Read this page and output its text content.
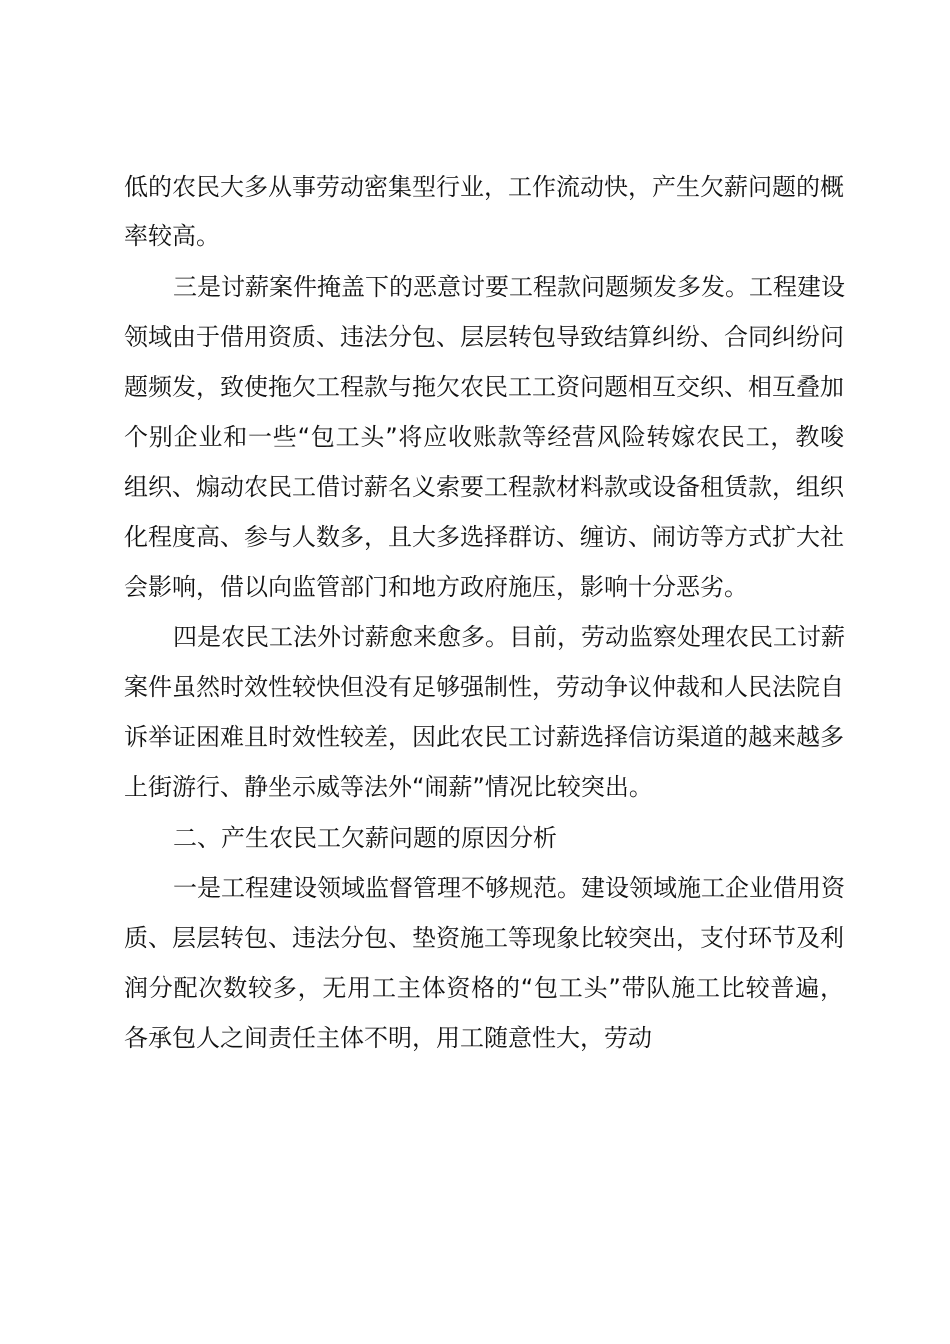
低的农民大多从事劳动密集型行业，工作流动快，产生欠薪问题的概
率较高。
三是讨薪案件掩盖下的恶意讨要工程款问题频发多发。工程建设
领域由于借用资质、违法分包、层层转包导致结算纠纷、合同纠纷问
题频发，致使拖欠工程款与拖欠农民工工资问题相互交织、相互叠加
个别企业和一些“包工头”将应收账款等经营风险转嫁农民工，教唆
组织、煽动农民工借讨薪名义索要工程款材料款或设备租赁款，组织
化程度高、参与人数多，且大多选择群访、缠访、闹访等方式扩大社
会影响，借以向监管部门和地方政府施压，影响十分恶劣。
四是农民工法外讨薪愈来愈多。目前，劳动监察处理农民工讨薪
案件虽然时效性较快但没有足够强制性，劳动争议仲裁和人民法院自
诉举证困难且时效性较差，因此农民工讨薪选择信访渠道的越来越多
上街游行、静坐示威等法外“闹薪”情况比较突出。
二、产生农民工欠薪问题的原因分析
一是工程建设领域监督管理不够规范。建设领域施工企业借用资
质、层层转包、违法分包、垫资施工等现象比较突出，支付环节及利
润分配次数较多，无用工主体资格的“包工头”带队施工比较普遍，
各承包人之间责任主体不明，用工随意性大，劳动
